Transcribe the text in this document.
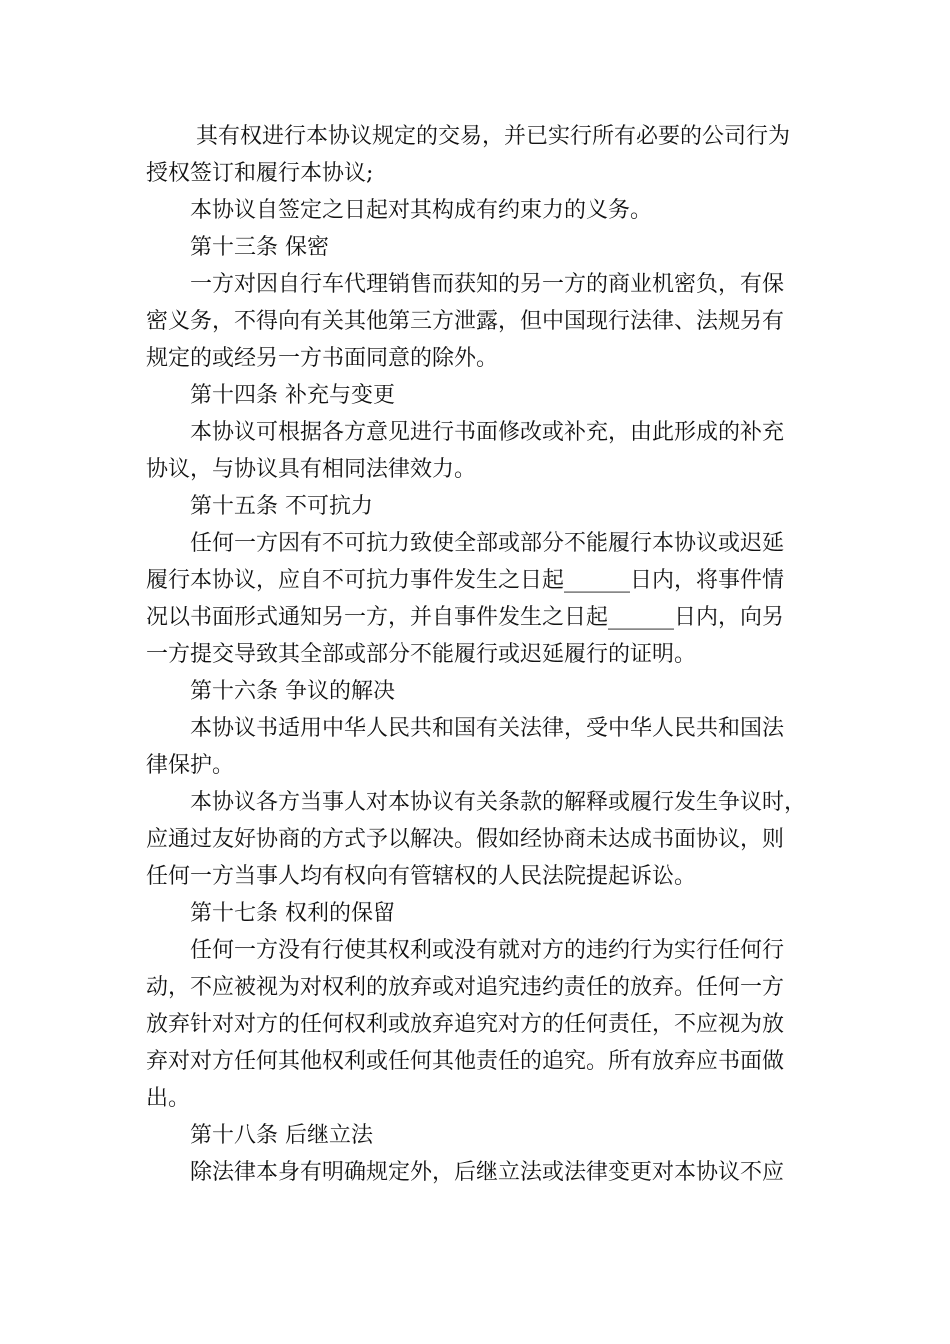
其有权进行本协议规定的交易，并已实行所有必要的公司行为
授权签订和履行本协议;
本协议自签定之日起对其构成有约束力的义务。
第十三条 保密
一方对因自行车代理销售而获知的另一方的商业机密负，有保
密义务，不得向有关其他第三方泄露，但中国现行法律、法规另有
规定的或经另一方书面同意的除外。
第十四条 补充与变更
本协议可根据各方意见进行书面修改或补充，由此形成的补充
协议，与协议具有相同法律效力。
第十五条 不可抗力
任何一方因有不可抗力致使全部或部分不能履行本协议或迟延
履行本协议，应自不可抗力事件发生之日起______日内，将事件情
况以书面形式通知另一方，并自事件发生之日起______日内，向另
一方提交导致其全部或部分不能履行或迟延履行的证明。
第十六条 争议的解决
本协议书适用中华人民共和国有关法律，受中华人民共和国法
律保护。
本协议各方当事人对本协议有关条款的解释或履行发生争议时，
应通过友好协商的方式予以解决。假如经协商未达成书面协议，则
任何一方当事人均有权向有管辖权的人民法院提起诉讼。
第十七条 权利的保留
任何一方没有行使其权利或没有就对方的违约行为实行任何行
动，不应被视为对权利的放弃或对追究违约责任的放弃。任何一方
放弃针对对方的任何权利或放弃追究对方的任何责任，不应视为放
弃对对方任何其他权利或任何其他责任的追究。所有放弃应书面做
出。
第十八条 后继立法
除法律本身有明确规定外，后继立法或法律变更对本协议不应
